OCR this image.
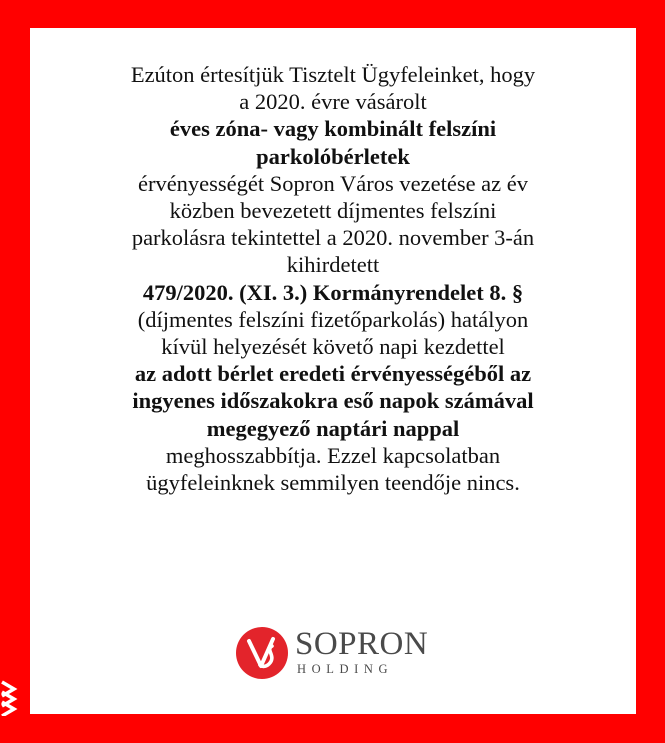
Ezúton értesítjük Tisztelt Ügyfeleinket, hogy
a 2020. évre vásárolt
éves zóna- vagy kombinált felszíni
parkolóbérletek
érvényességét Sopron Város vezetése az év
közben bevezetett díjmentes felszíni
parkolásra tekintettel a 2020. november 3-án
kihirdetett
479/2020. (XI. 3.) Kormányrendelet 8. §
(díjmentes felszíni fizetőparkolás) hatályon
kívül helyezését követő napi kezdettel
az adott bérlet eredeti érvényességéből az
ingyenes időszakokra eső napok számával
megegyező naptári nappal
meghosszabbítja. Ezzel kapcsolatban
ügyfeleinknek semmilyen teendője nincs.
SOPRON
HOLDING
